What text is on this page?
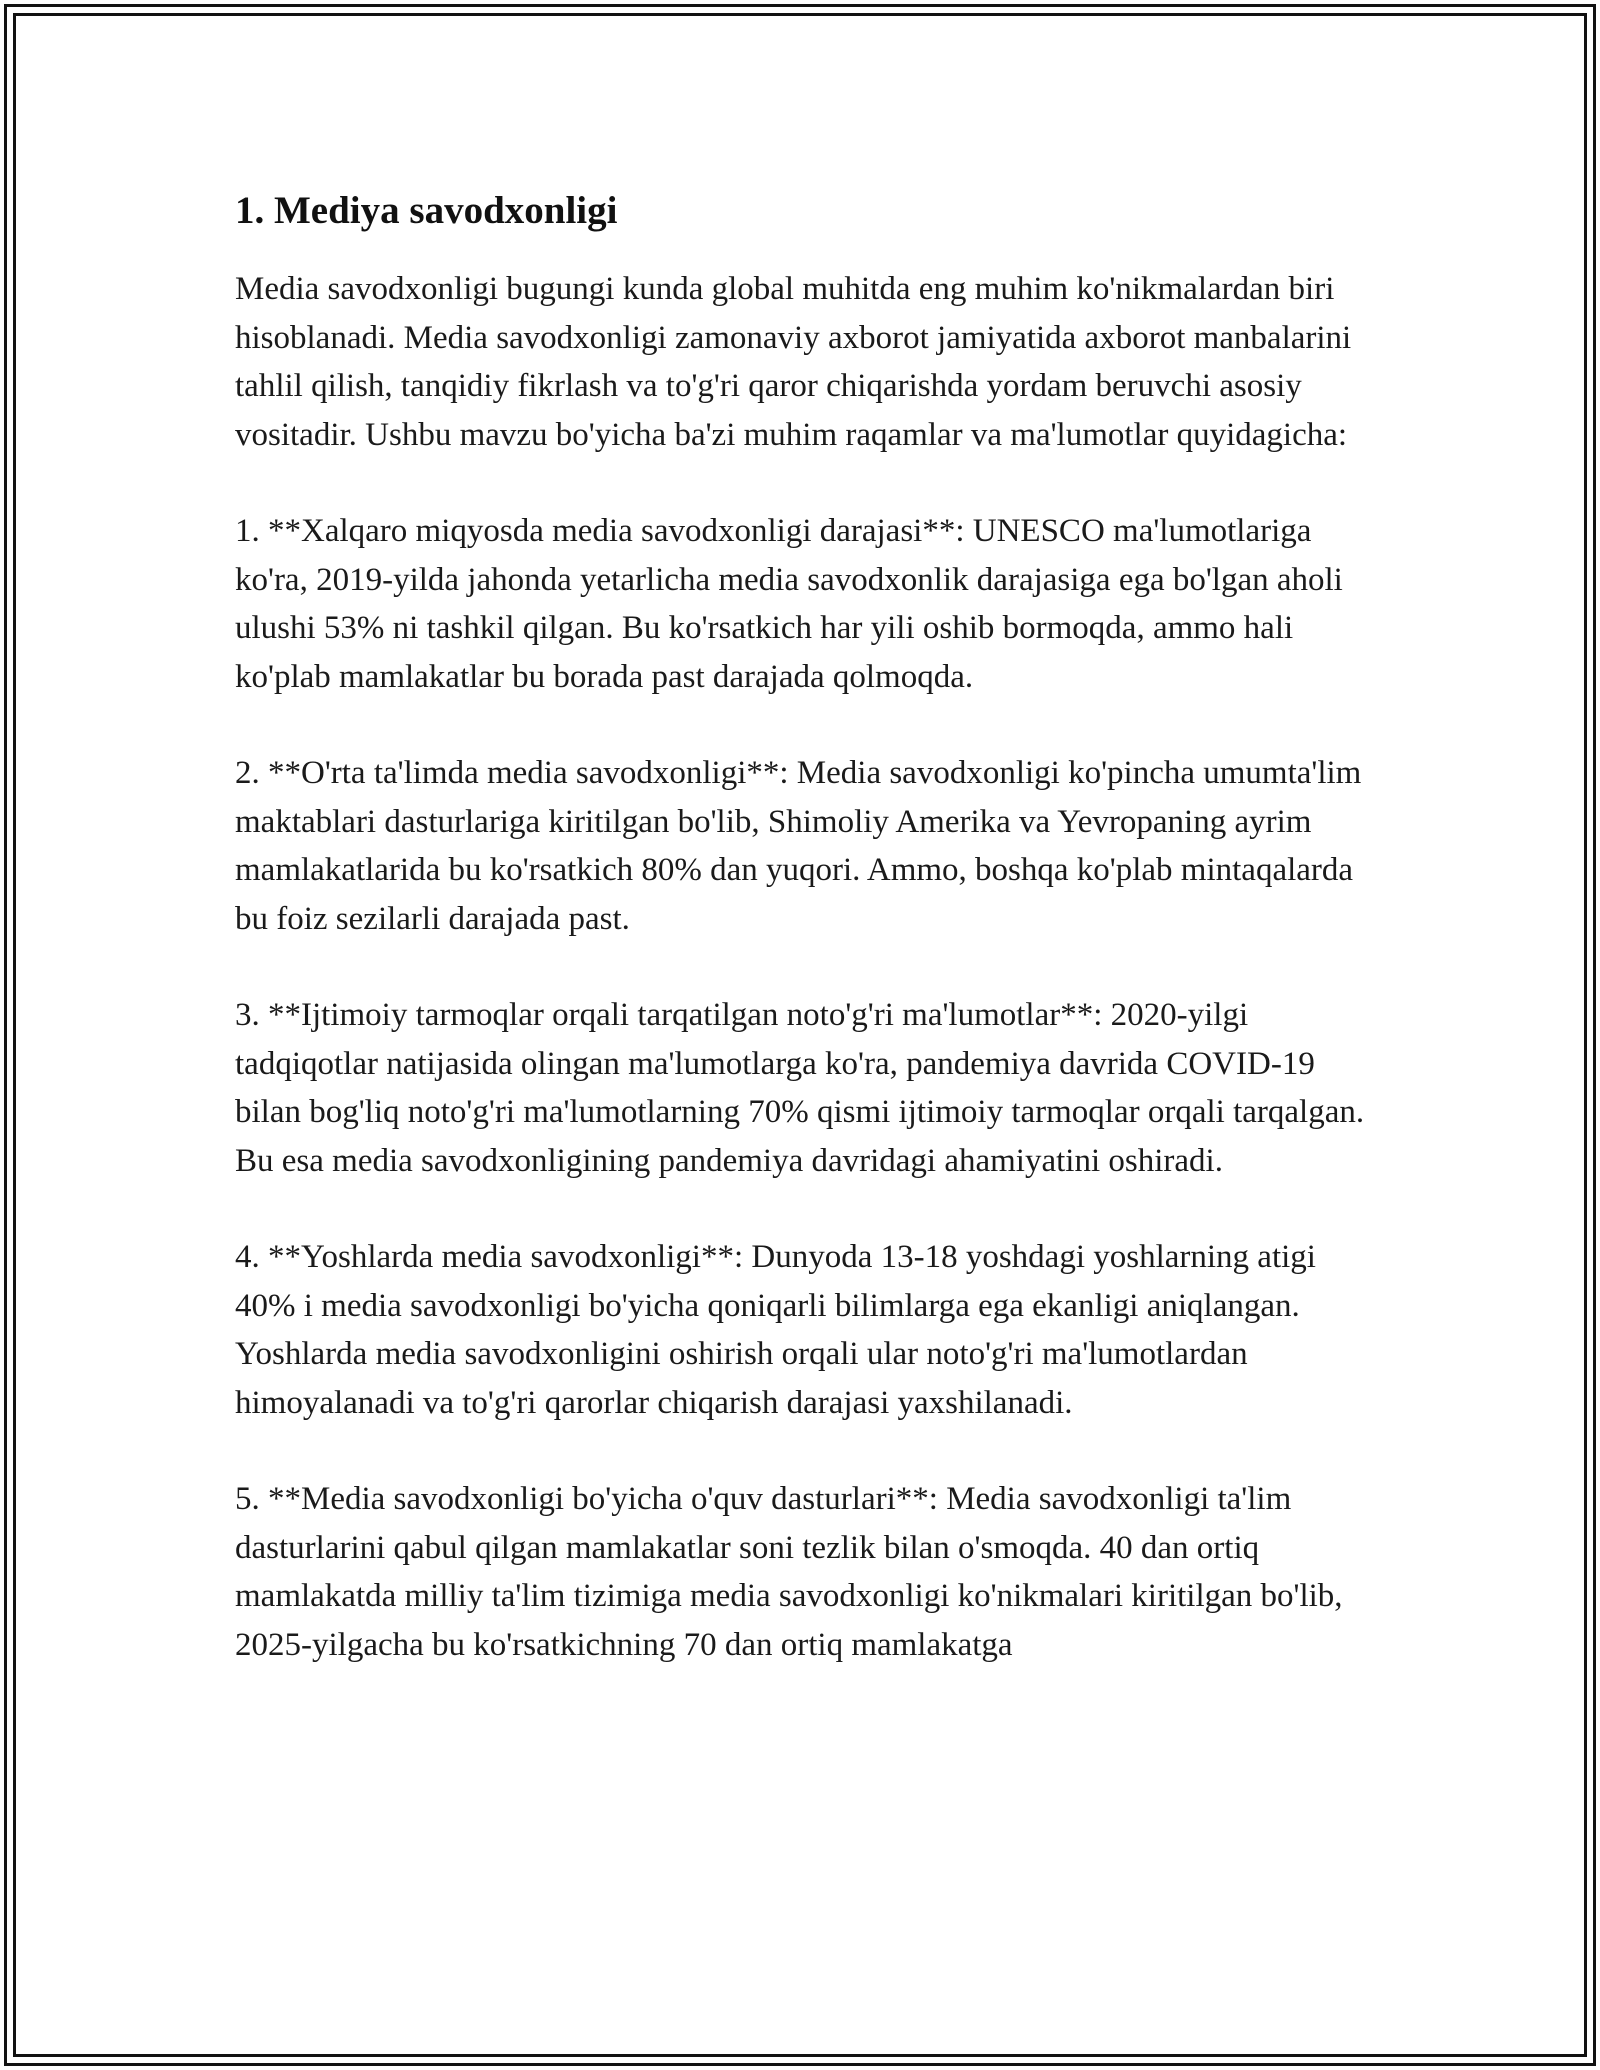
1. Mediya savodxonligi

Media savodxonligi bugungi kunda global muhitda eng muhim ko'nikmalardan biri hisoblanadi. Media savodxonligi zamonaviy axborot jamiyatida axborot manbalarini tahlil qilish, tanqidiy fikrlash va to'g'ri qaror chiqarishda yordam beruvchi asosiy vositadir. Ushbu mavzu bo'yicha ba'zi muhim raqamlar va ma'lumotlar quyidagicha:

1. **Xalqaro miqyosda media savodxonligi darajasi**: UNESCO ma'lumotlariga ko'ra, 2019-yilda jahonda yetarlicha media savodxonlik darajasiga ega bo'lgan aholi ulushi 53% ni tashkil qilgan. Bu ko'rsatkich har yili oshib bormoqda, ammo hali ko'plab mamlakatlar bu borada past darajada qolmoqda.

2. **O'rta ta'limda media savodxonligi**: Media savodxonligi ko'pincha umumta'lim maktablari dasturlariga kiritilgan bo'lib, Shimoliy Amerika va Yevropaning ayrim mamlakatlarida bu ko'rsatkich 80% dan yuqori. Ammo, boshqa ko'plab mintaqalarda bu foiz sezilarli darajada past.

3. **Ijtimoiy tarmoqlar orqali tarqatilgan noto'g'ri ma'lumotlar**: 2020-yilgi tadqiqotlar natijasida olingan ma'lumotlarga ko'ra, pandemiya davrida COVID-19 bilan bog'liq noto'g'ri ma'lumotlarning 70% qismi ijtimoiy tarmoqlar orqali tarqalgan. Bu esa media savodxonligining pandemiya davridagi ahamiyatini oshiradi.

4. **Yoshlarda media savodxonligi**: Dunyoda 13-18 yoshdagi yoshlarning atigi 40% i media savodxonligi bo'yicha qoniqarli bilimlarga ega ekanligi aniqlangan. Yoshlarda media savodxonligini oshirish orqali ular noto'g'ri ma'lumotlardan himoyalanadi va to'g'ri qarorlar chiqarish darajasi yaxshilanadi.

5. **Media savodxonligi bo'yicha o'quv dasturlari**: Media savodxonligi ta'lim dasturlarini qabul qilgan mamlakatlar soni tezlik bilan o'smoqda. 40 dan ortiq mamlakatda milliy ta'lim tizimiga media savodxonligi ko'nikmalari kiritilgan bo'lib, 2025-yilgacha bu ko'rsatkichning 70 dan ortiq mamlakatga
